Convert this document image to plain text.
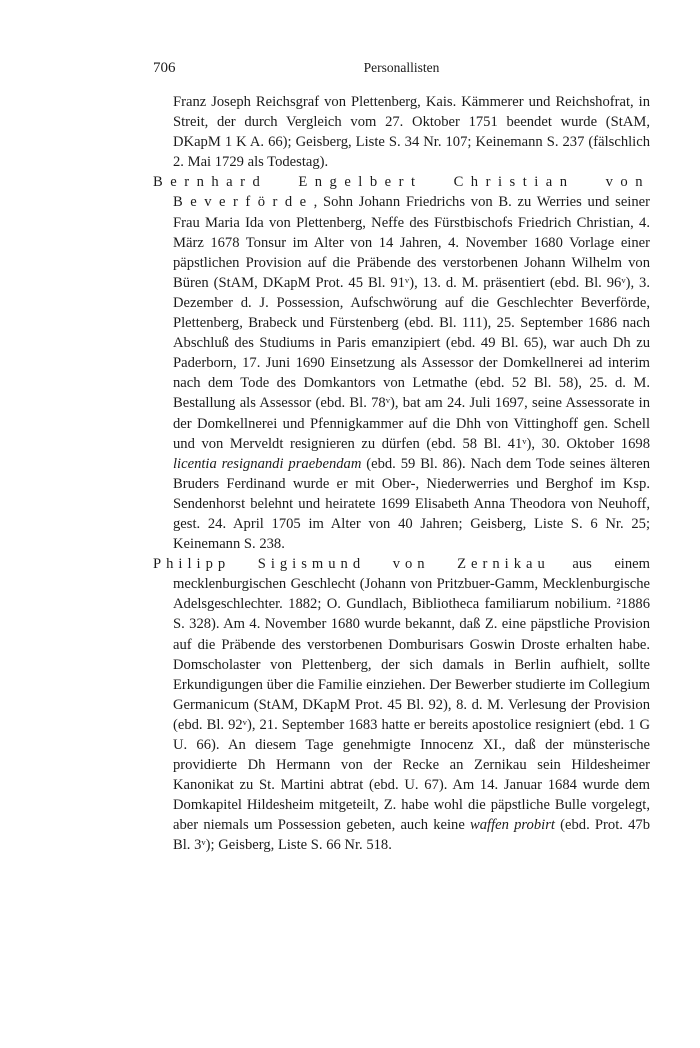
706	Personallisten

Franz Joseph Reichsgraf von Plettenberg, Kais. Kämmerer und Reichshofrat, in Streit, der durch Vergleich vom 27. Oktober 1751 beendet wurde (StAM, DKapM 1 K A. 66); Geisberg, Liste S. 34 Nr. 107; Keinemann S. 237 (fälschlich 2. Mai 1729 als Todestag).

Bernhard Engelbert Christian von Beverförde, Sohn Johann Friedrichs von B. zu Werries und seiner Frau Maria Ida von Plettenberg, Neffe des Fürstbischofs Friedrich Christian, 4. März 1678 Tonsur im Alter von 14 Jahren, 4. November 1680 Vorlage einer päpstlichen Provision auf die Präbende des verstorbenen Johann Wilhelm von Büren (StAM, DKapM Prot. 45 Bl. 91ᵛ), 13. d. M. präsentiert (ebd. Bl. 96ᵛ), 3. Dezember d. J. Possession, Aufschwörung auf die Geschlechter Beverförde, Plettenberg, Brabeck und Fürstenberg (ebd. Bl. 111), 25. September 1686 nach Abschluß des Studiums in Paris emanzipiert (ebd. 49 Bl. 65), war auch Dh zu Paderborn, 17. Juni 1690 Einsetzung als Assessor der Domkellnerei ad interim nach dem Tode des Domkantors von Letmathe (ebd. 52 Bl. 58), 25. d. M. Bestallung als Assessor (ebd. Bl. 78ᵛ), bat am 24. Juli 1697, seine Assessorate in der Domkellnerei und Pfennigkammer auf die Dhh von Vittinghoff gen. Schell und von Merveldt resignieren zu dürfen (ebd. 58 Bl. 41ᵛ), 30. Oktober 1698 licentia resignandi praebendam (ebd. 59 Bl. 86). Nach dem Tode seines älteren Bruders Ferdinand wurde er mit Ober-, Niederwerries und Berghof im Ksp. Sendenhorst belehnt und heiratete 1699 Elisabeth Anna Theodora von Neuhoff, gest. 24. April 1705 im Alter von 40 Jahren; Geisberg, Liste S. 6 Nr. 25; Keinemann S. 238.

Philipp Sigismund von Zernikau aus einem mecklenburgischen Geschlecht (Johann von Pritzbuer-Gamm, Mecklenburgische Adelsgeschlechter. 1882; O. Gundlach, Bibliotheca familiarum nobilium. ²1886 S. 328). Am 4. November 1680 wurde bekannt, daß Z. eine päpstliche Provision auf die Präbende des verstorbenen Domburisars Goswin Droste erhalten habe. Domscholaster von Plettenberg, der sich damals in Berlin aufhielt, sollte Erkundigungen über die Familie einziehen. Der Bewerber studierte im Collegium Germanicum (StAM, DKapM Prot. 45 Bl. 92), 8. d. M. Verlesung der Provision (ebd. Bl. 92ᵛ), 21. September 1683 hatte er bereits apostolice resigniert (ebd. 1 G U. 66). An diesem Tage genehmigte Innocenz XI., daß der münsterische providierte Dh Hermann von der Recke an Zernikau sein Hildesheimer Kanonikat zu St. Martini abtrat (ebd. U. 67). Am 14. Januar 1684 wurde dem Domkapitel Hildesheim mitgeteilt, Z. habe wohl die päpstliche Bulle vorgelegt, aber niemals um Possession gebeten, auch keine waffen probirt (ebd. Prot. 47b Bl. 3ᵛ); Geisberg, Liste S. 66 Nr. 518.
